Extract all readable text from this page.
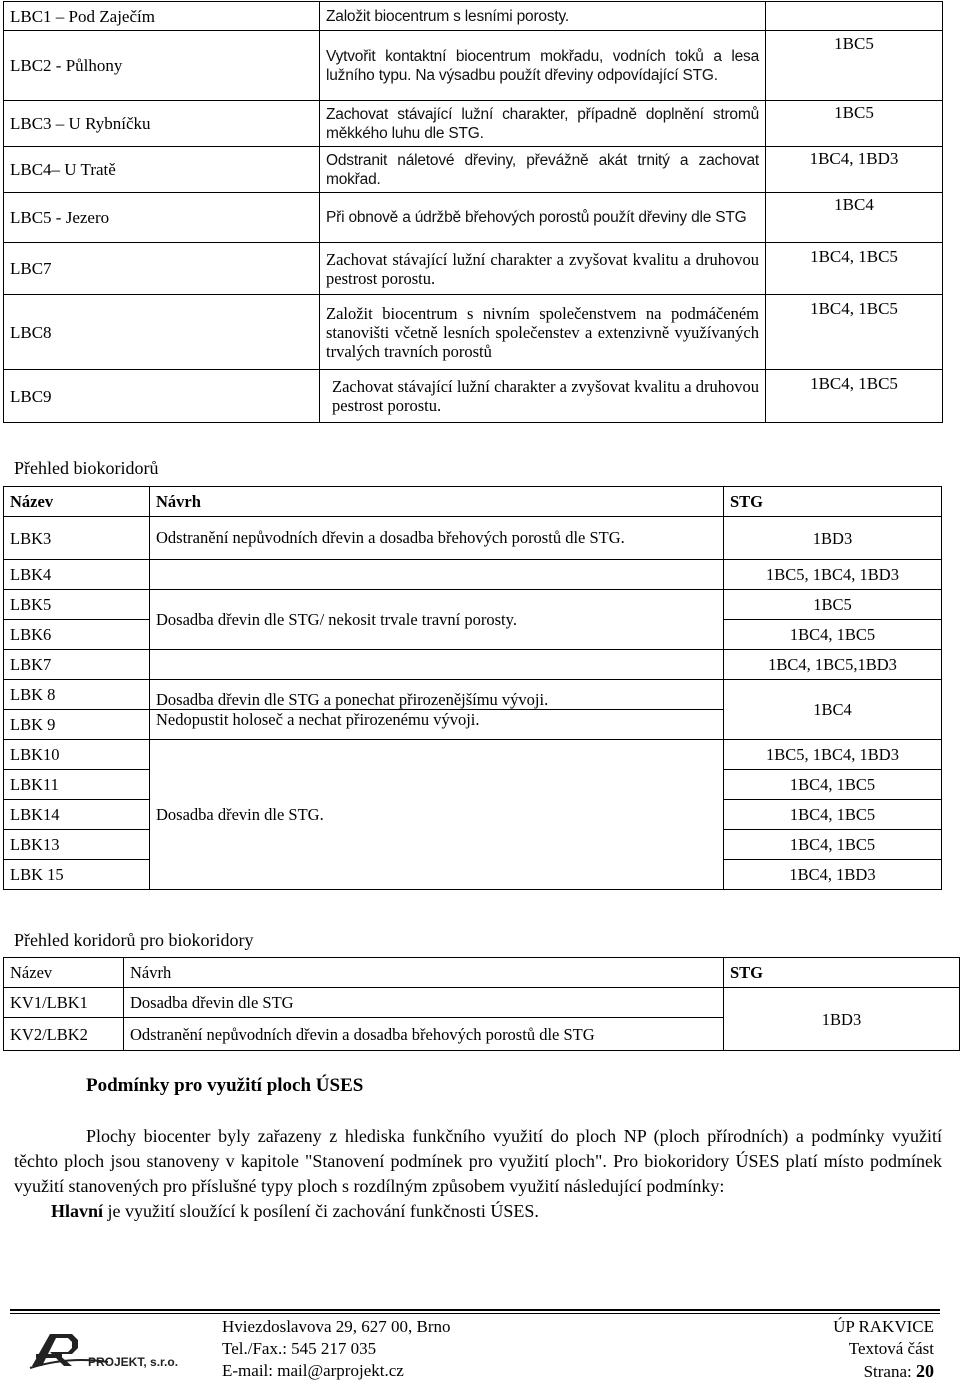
LBC1 – Pod Zaječím	Založit biocentrum s lesními porosty.	
LBC2 - Půlhony	Vytvořit kontaktní biocentrum mokřadu, vodních toků a lesa lužního typu. Na výsadbu použít dřeviny odpovídající STG.	1BC5
LBC3 – U Rybníčku	Zachovat stávající lužní charakter, případně doplnění stromů měkkého luhu dle STG.	1BC5
LBC4– U Tratě	Odstranit náletové dřeviny, převážně akát trnitý a zachovat mokřad.	1BC4, 1BD3
LBC5 - Jezero	Při obnově a údržbě břehových porostů použít dřeviny dle STG	1BC4
LBC7	Zachovat stávající lužní charakter a zvyšovat kvalitu a druhovou pestrost porostu.	1BC4, 1BC5
LBC8	Založit biocentrum s nivním společenstvem na podmáčeném stanovišti včetně lesních společenstev a extenzivně využívaných trvalých travních porostů	1BC4, 1BC5
LBC9	Zachovat stávající lužní charakter a zvyšovat kvalitu a druhovou pestrost porostu.	1BC4, 1BC5
Přehled biokoridorů
Název	Návrh	STG
LBK3	Odstranění nepůvodních dřevin a dosadba břehových porostů dle STG.	1BD3
LBK4		1BC5, 1BC4, 1BD3
LBK5	Dosadba dřevin dle STG/ nekosit trvale travní porosty.	1BC5
LBK6		1BC4, 1BC5
LBK7		1BC4, 1BC5,1BD3
LBK 8	Dosadba dřevin dle STG a ponechat přirozenějšímu vývoji.	1BC4
LBK 9	Nedopustit holoseč a nechat přirozenému vývoji.	
LBK10	Dosadba dřevin dle STG.	1BC5, 1BC4, 1BD3
LBK11		1BC4, 1BC5
LBK14		1BC4, 1BC5
LBK13		1BC4, 1BC5
LBK 15		1BC4, 1BD3
Přehled koridorů pro biokoridory
Název	Návrh	STG
KV1/LBK1	Dosadba dřevin dle STG	1BD3
KV2/LBK2	Odstranění nepůvodních dřevin a dosadba břehových porostů dle STG	
Podmínky pro využití ploch ÚSES

Plochy biocenter byly zařazeny z hlediska funkčního využití do ploch NP (ploch přírodních) a podmínky využití těchto ploch jsou stanoveny v kapitole "Stanovení podmínek pro využití ploch". Pro biokoridory ÚSES platí místo podmínek využití stanovených pro příslušné typy ploch s rozdílným způsobem využití následující podmínky:

Hlavní je využití sloužící k posílení či zachování funkčnosti ÚSES.
PROJEKT, s.r.o.
Hviezdoslavova 29, 627 00, Brno
Tel./Fax.: 545 217 035
E-mail: mail@arprojekt.cz
ÚP RAKVICE
Textová část
Strana: 20
